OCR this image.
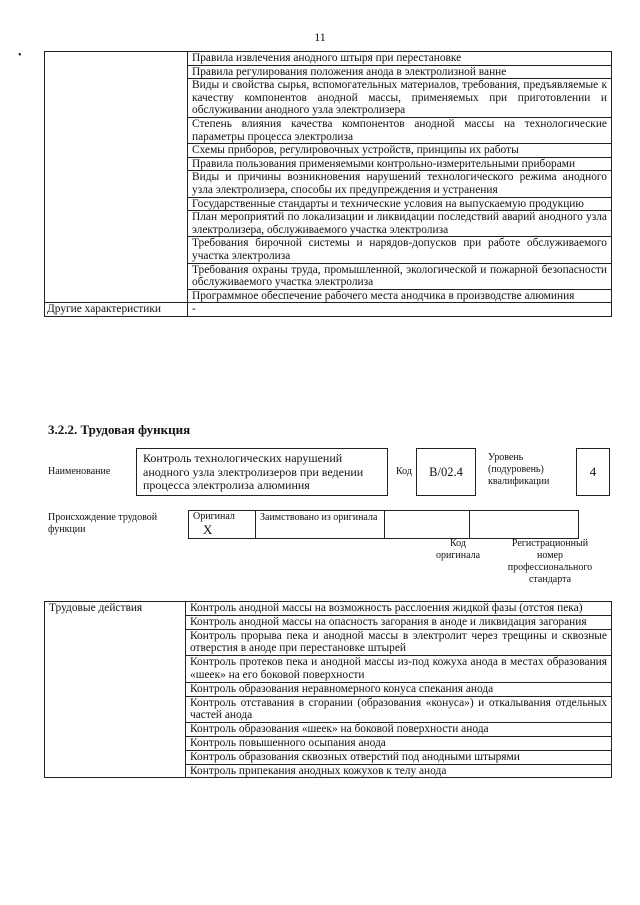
11
•
		Правила извлечения анодного штыря при перестановке
	Правила регулирования положения анода в электролизной ванне
	Виды и свойства сырья, вспомогательных материалов, требования, предъявляемые к качеству компонентов анодной массы, применяемых при приготовлении и обслуживании анодного узла электролизера
	Степень влияния качества компонентов анодной массы на технологические параметры процесса электролиза
	Схемы приборов, регулировочных устройств, принципы их работы
	Правила пользования применяемыми контрольно-измерительными приборами
	Виды и причины возникновения нарушений технологического режима анодного узла электролизера, способы их предупреждения и устранения
	Государственные стандарты и технические условия на выпускаемую продукцию
	План мероприятий по локализации и ликвидации последствий аварий анодного узла электролизера, обслуживаемого участка электролиза
	Требования бирочной системы и нарядов-допусков при работе обслуживаемого участка электролиза
	Требования охраны труда, промышленной, экологической и пожарной безопасности обслуживаемого участка электролиза
	Программное обеспечение рабочего места анодчика в производстве алюминия
Другие характеристики	-
3.2.2. Трудовая функция
Наименование
Контроль технологических нарушений анодного узла электролизеров при ведении процесса электролиза алюминия
Код B/02.4
Уровень (подуровень) квалификации
4
Происхождение трудовой функции
Оригинал X	Заимствовано из оригинала		
Код оригинала
Регистрационный номер профессионального стандарта
Трудовые действия	Контроль анодной массы на возможность расслоения жидкой фазы (отстоя пека)
Контроль анодной массы на опасность загорания в аноде и ликвидация загорания
Контроль прорыва пека и анодной массы в электролит через трещины и сквозные отверстия в аноде при перестановке штырей
Контроль протеков пека и анодной массы из-под кожуха анода в местах образования «шеек» на его боковой поверхности
Контроль образования неравномерного конуса спекания анода
Контроль отставания в сгорании (образования «конуса») и откалывания отдельных частей анода
Контроль образования «шеек» на боковой поверхности анода
Контроль повышенного осыпания анода
Контроль образования сквозных отверстий под анодными штырями
Контроль припекания анодных кожухов к телу анода
